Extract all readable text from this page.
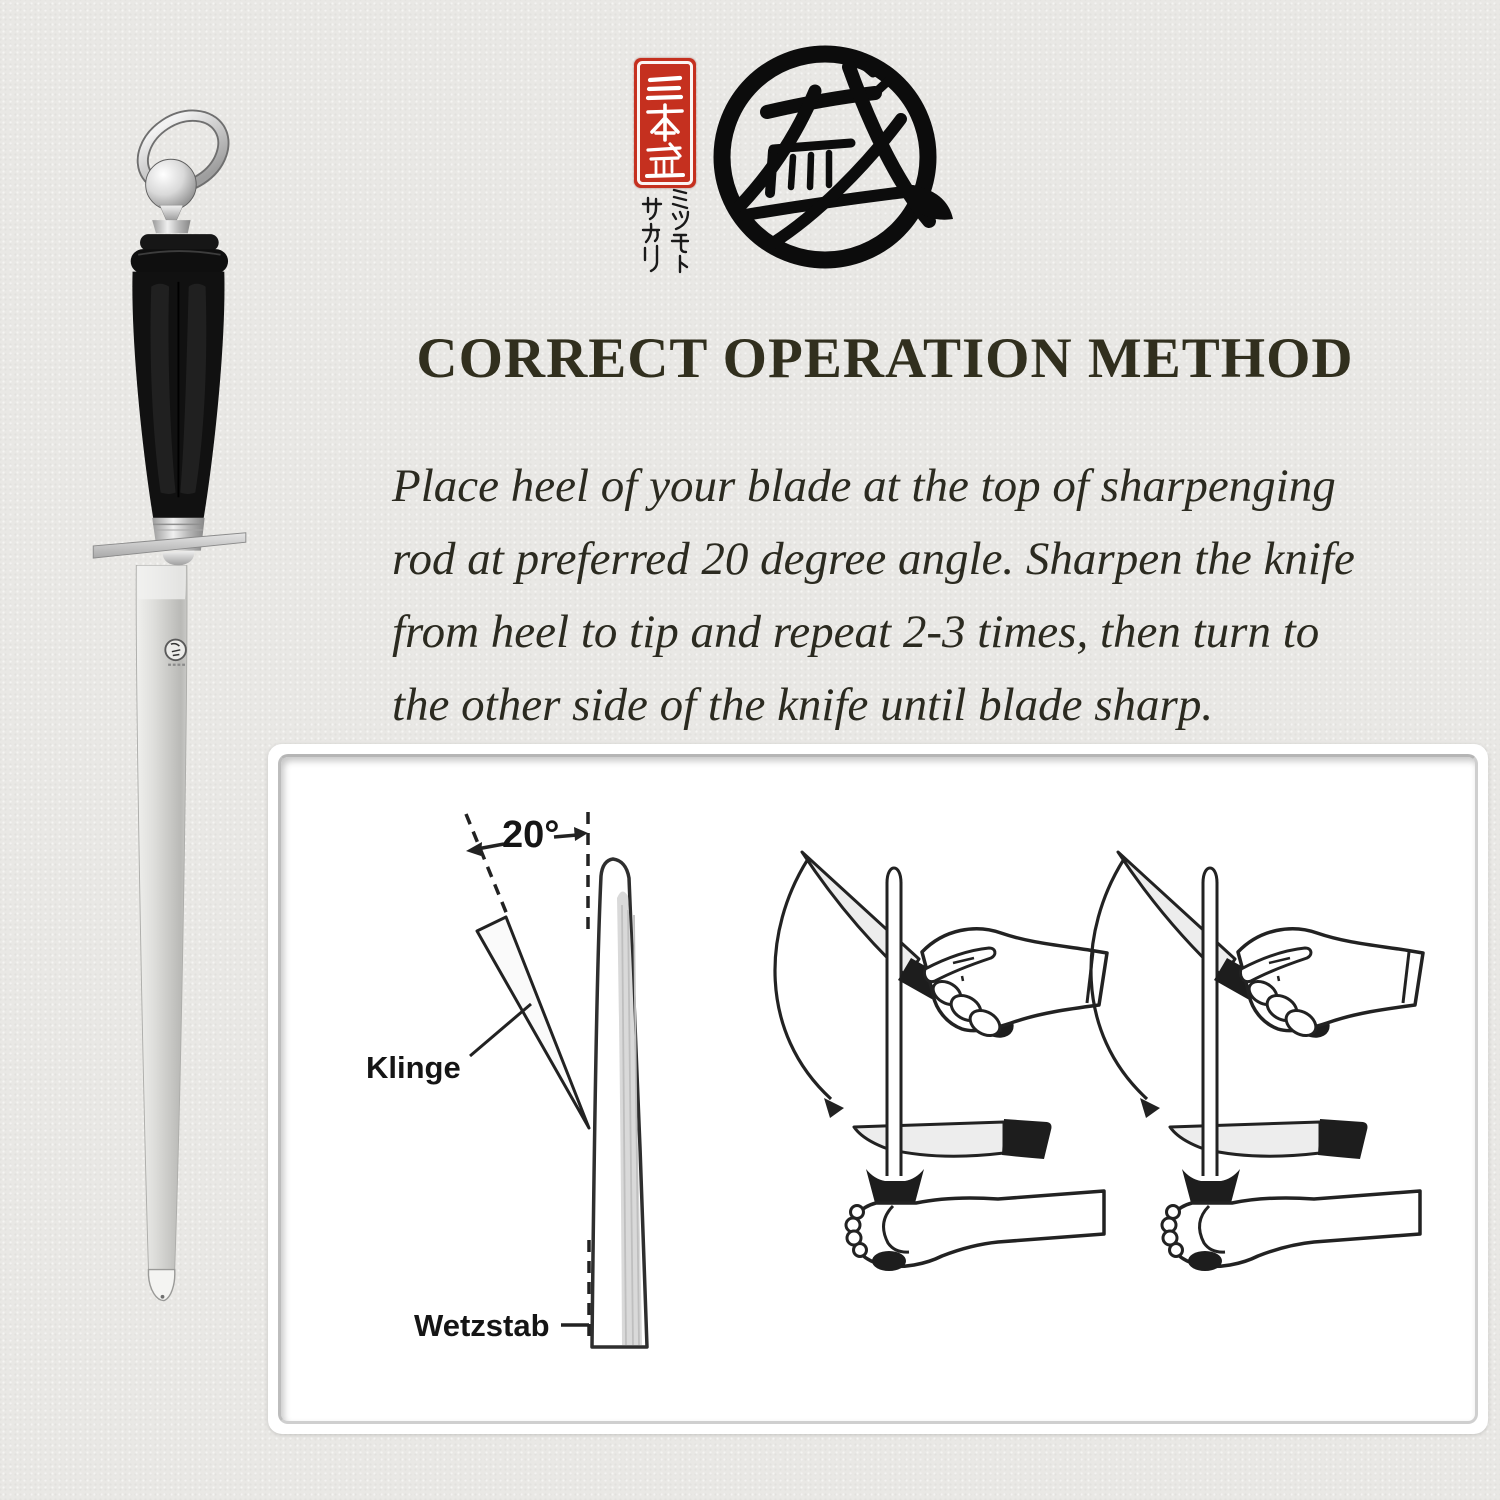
CORRECT OPERATION METHOD
Place heel of your blade at the top of sharpenging
rod at preferred 20 degree angle. Sharpen the knife
from heel to tip and repeat 2-3 times, then turn to
the other side of the knife until blade sharp.
20°
Klinge
Wetzstab
